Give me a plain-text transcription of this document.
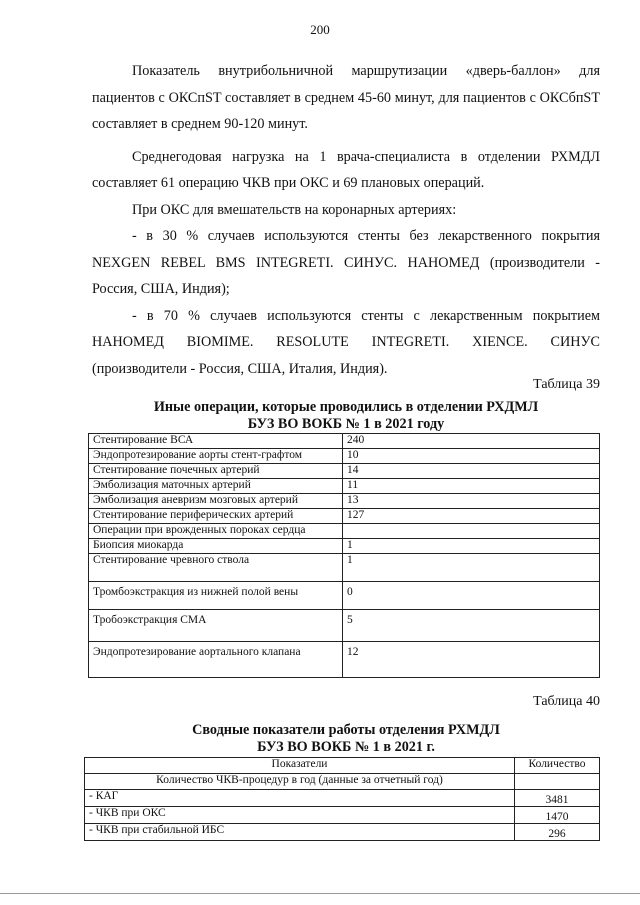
200

Показатель внутрибольничной маршрутизации «дверь-баллон» для пациентов с ОКСпST составляет в среднем 45-60 минут, для пациентов с ОКСбпST составляет в среднем 90-120 минут.

Среднегодовая нагрузка на 1 врача-специалиста в отделении РХМДЛ составляет 61 операцию ЧКВ при ОКС и 69 плановых операций.

При ОКС для вмешательств на коронарных артериях:

- в 30 % случаев используются стенты без лекарственного покрытия NEXGEN REBEL BMS INTEGRETI. СИНУС. НАНОМЕД (производители - Россия, США, Индия);

- в 70 % случаев используются стенты с лекарственным покрытием НАНОМЕД BIOMIME. RESOLUTE INTEGRETI. XIENCE. СИНУС (производители - Россия, США, Италия, Индия).

Таблица 39
Иные операции, которые проводились в отделении РХДМЛ
БУЗ ВО ВОКБ № 1 в 2021 году
Стентирование ВСА	240
Эндопротезирование аорты стент-графтом	10
Стентирование почечных артерий	14
Эмболизация маточных артерий	11
Эмболизация аневризм мозговых артерий	13
Стентирование периферических артерий	127
Операции при врожденных пороках сердца	
Биопсия миокарда	1
Стентирование чревного ствола	1
Тромбоэкстракция из нижней полой вены	0
Тробоэкстракция СМА	5
Эндопротезирование аортального клапана	12
Таблица 40
Сводные показатели работы отделения РХМДЛ
БУЗ ВО ВОКБ № 1 в 2021 г.
Показатели	Количество
Количество ЧКВ-процедур в год (данные за отчетный год)	
- КАГ	3481
- ЧКВ при ОКС	1470
- ЧКВ при стабильной ИБС	296
